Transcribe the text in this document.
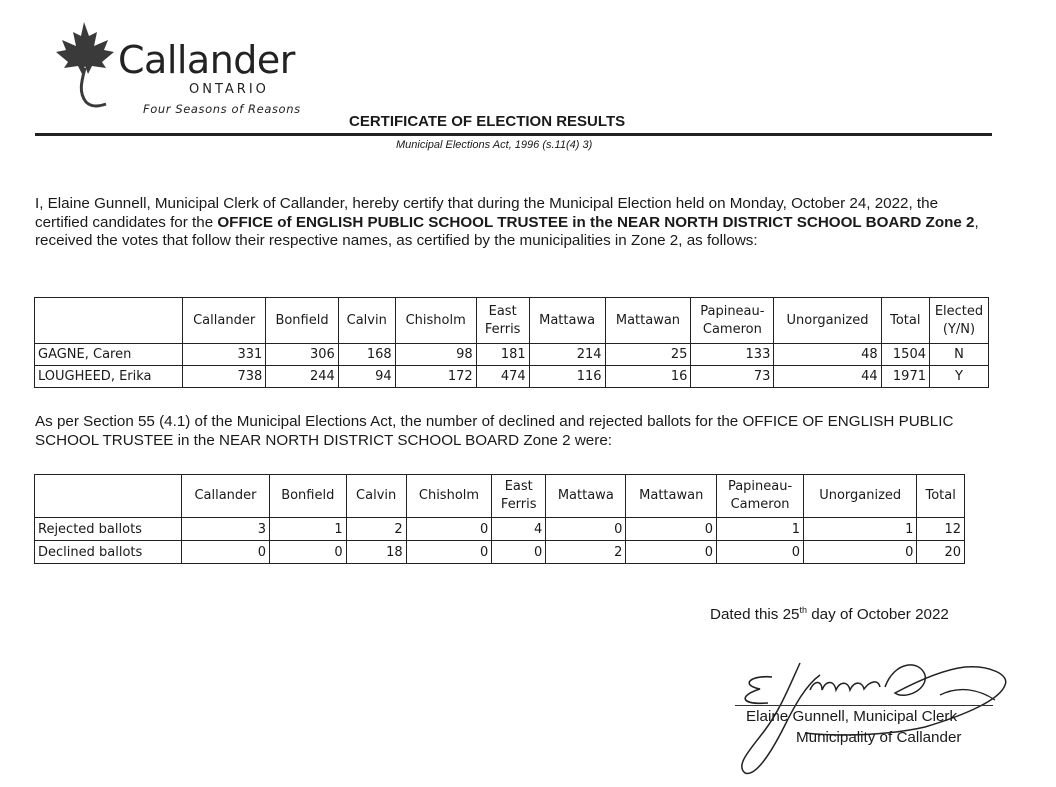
Callander
ONTARIO
Four Seasons of Reasons
CERTIFICATE OF ELECTION RESULTS
Municipal Elections Act, 1996 (s.11(4) 3)
I, Elaine Gunnell, Municipal Clerk of Callander, hereby certify that during the Municipal Election held on Monday, October 24, 2022, the certified candidates for the OFFICE of ENGLISH PUBLIC SCHOOL TRUSTEE in the NEAR NORTH DISTRICT SCHOOL BOARD Zone 2, received the votes that follow their respective names, as certified by the municipalities in Zone 2, as follows:
	Callander	Bonfield	Calvin	Chisholm	East Ferris	Mattawa	Mattawan	Papineau-Cameron	Unorganized	Total	Elected (Y/N)
GAGNE, Caren	331	306	168	98	181	214	25	133	48	1504	N
LOUGHEED, Erika	738	244	94	172	474	116	16	73	44	1971	Y
As per Section 55 (4.1) of the Municipal Elections Act, the number of declined and rejected ballots for the OFFICE OF ENGLISH PUBLIC SCHOOL TRUSTEE in the NEAR NORTH DISTRICT SCHOOL BOARD Zone 2 were:
	Callander	Bonfield	Calvin	Chisholm	East Ferris	Mattawa	Mattawan	Papineau-Cameron	Unorganized	Total
Rejected ballots	3	1	2	0	4	0	0	1	1	12
Declined ballots	0	0	18	0	0	2	0	0	0	20
Dated this 25th day of October 2022
Elaine Gunnell, Municipal Clerk
Municipality of Callander
